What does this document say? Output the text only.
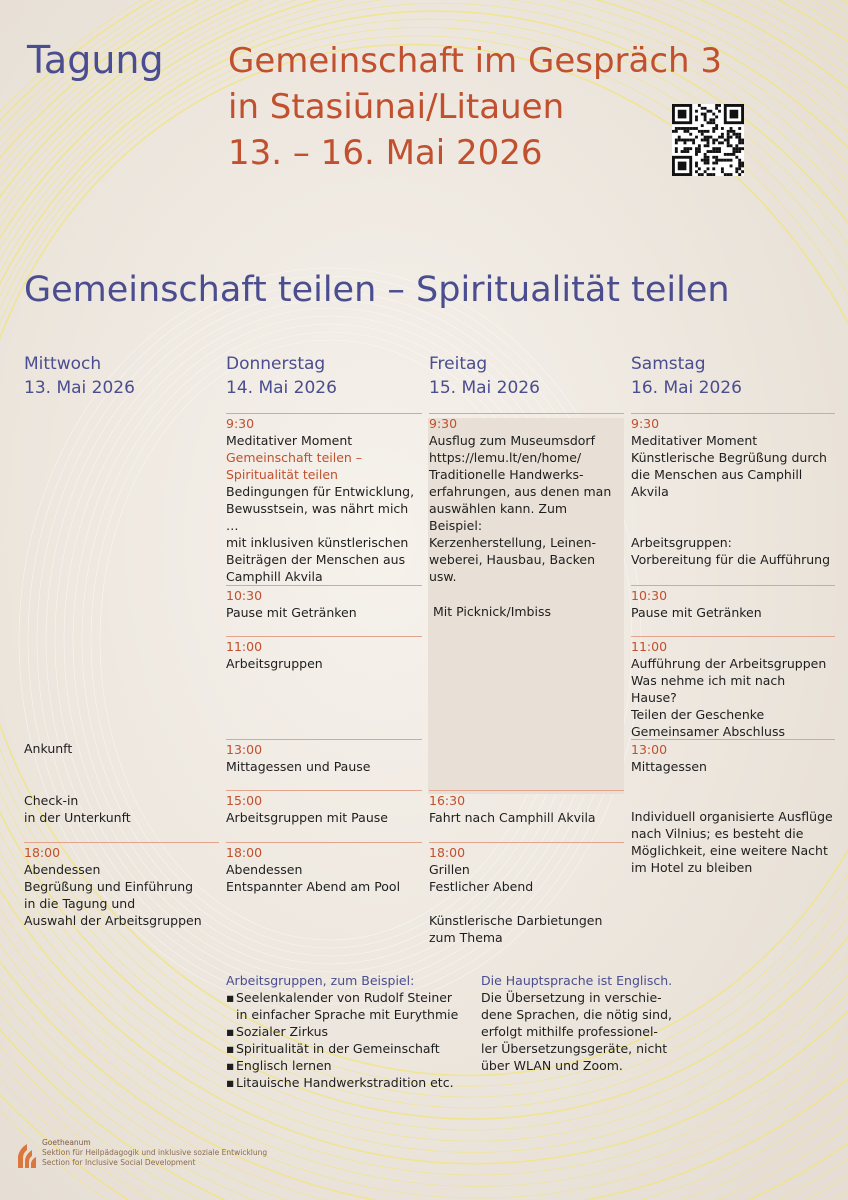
Tagung Gemeinschaft im Gespräch 3
in Stasiūnai/Litauen
13. – 16. Mai 2026
Gemeinschaft teilen – Spiritualität teilen
Mittwoch
13. Mai 2026
Donnerstag
14. Mai 2026
Freitag
15. Mai 2026
Samstag
16. Mai 2026
Ankunft
Check-in
in der Unterkunft
18:00
Abendessen
Begrüßung und Einführung
in die Tagung und
Auswahl der Arbeitsgruppen
9:30
Meditativer Moment
Gemeinschaft teilen –
Spiritualität teilen
Bedingungen für Entwicklung,
Bewusstsein, was nährt mich …
mit inklusiven künstlerischen
Beiträgen der Menschen aus
Camphill Akvila
10:30
Pause mit Getränken
11:00
Arbeitsgruppen
13:00
Mittagessen und Pause
15:00
Arbeitsgruppen mit Pause
18:00
Abendessen
Entspannter Abend am Pool
9:30
Ausflug zum Museumsdorf
https://lemu.lt/en/home/
Traditionelle Handwerks-
erfahrungen, aus denen man
auswählen kann. Zum Beispiel:
Kerzenherstellung, Leinen-
weberei, Hausbau, Backen usw.
Mit Picknick/Imbiss
16:30
Fahrt nach Camphill Akvila
18:00
Grillen
Festlicher Abend
Künstlerische Darbietungen
zum Thema
9:30
Meditativer Moment
Künstlerische Begrüßung durch
die Menschen aus Camphill Akvila
Arbeitsgruppen:
Vorbereitung für die Aufführung
10:30
Pause mit Getränken
11:00
Aufführung der Arbeitsgruppen
Was nehme ich mit nach Hause?
Teilen der Geschenke
Gemeinsamer Abschluss
13:00
Mittagessen
Individuell organisierte Ausflüge
nach Vilnius; es besteht die
Möglichkeit, eine weitere Nacht
im Hotel zu bleiben
Arbeitsgruppen, zum Beispiel:
▪ Seelenkalender von Rudolf Steiner
in einfacher Sprache mit Eurythmie
▪ Sozialer Zirkus
▪ Spiritualität in der Gemeinschaft
▪ Englisch lernen
▪ Litauische Handwerkstradition etc.
Die Hauptsprache ist Englisch.
Die Übersetzung in verschie-
dene Sprachen, die nötig sind,
erfolgt mithilfe professionel-
ler Übersetzungsgeräte, nicht
über WLAN und Zoom.
Goetheanum
Sektion für Heilpädagogik und inklusive soziale Entwicklung
Section for Inclusive Social Development
